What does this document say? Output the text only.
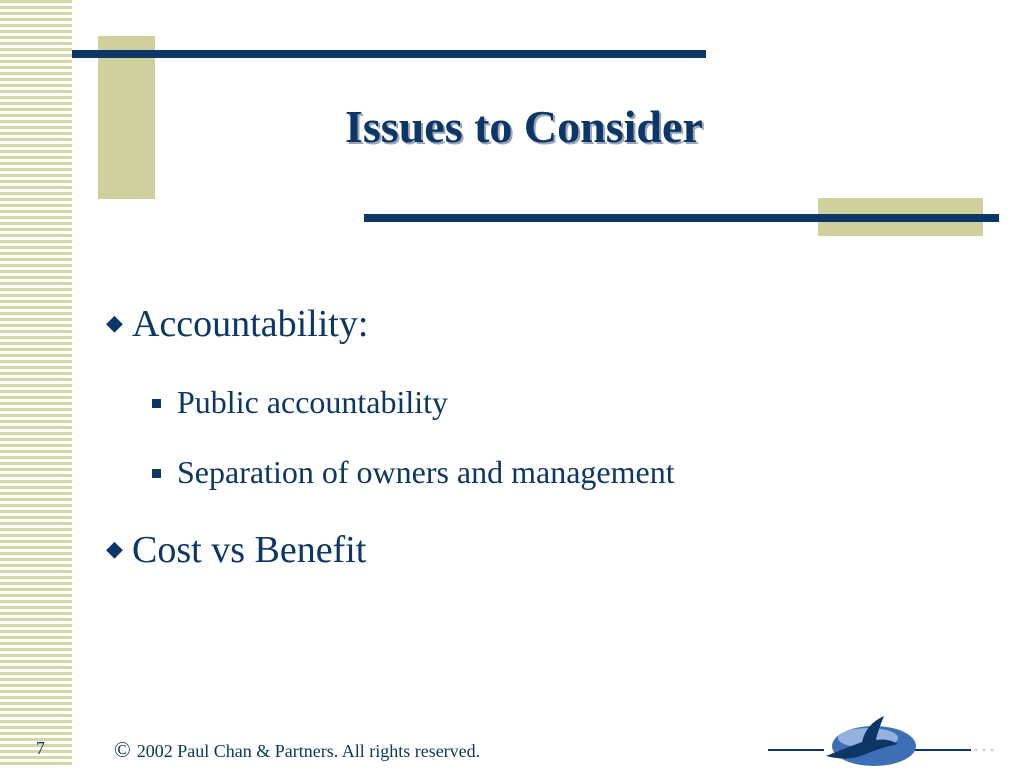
Issues to Consider
◆ Accountability:
Public accountability
Separation of owners and management
◆ Cost vs Benefit
7	© 2002 Paul Chan & Partners. All rights reserved.
